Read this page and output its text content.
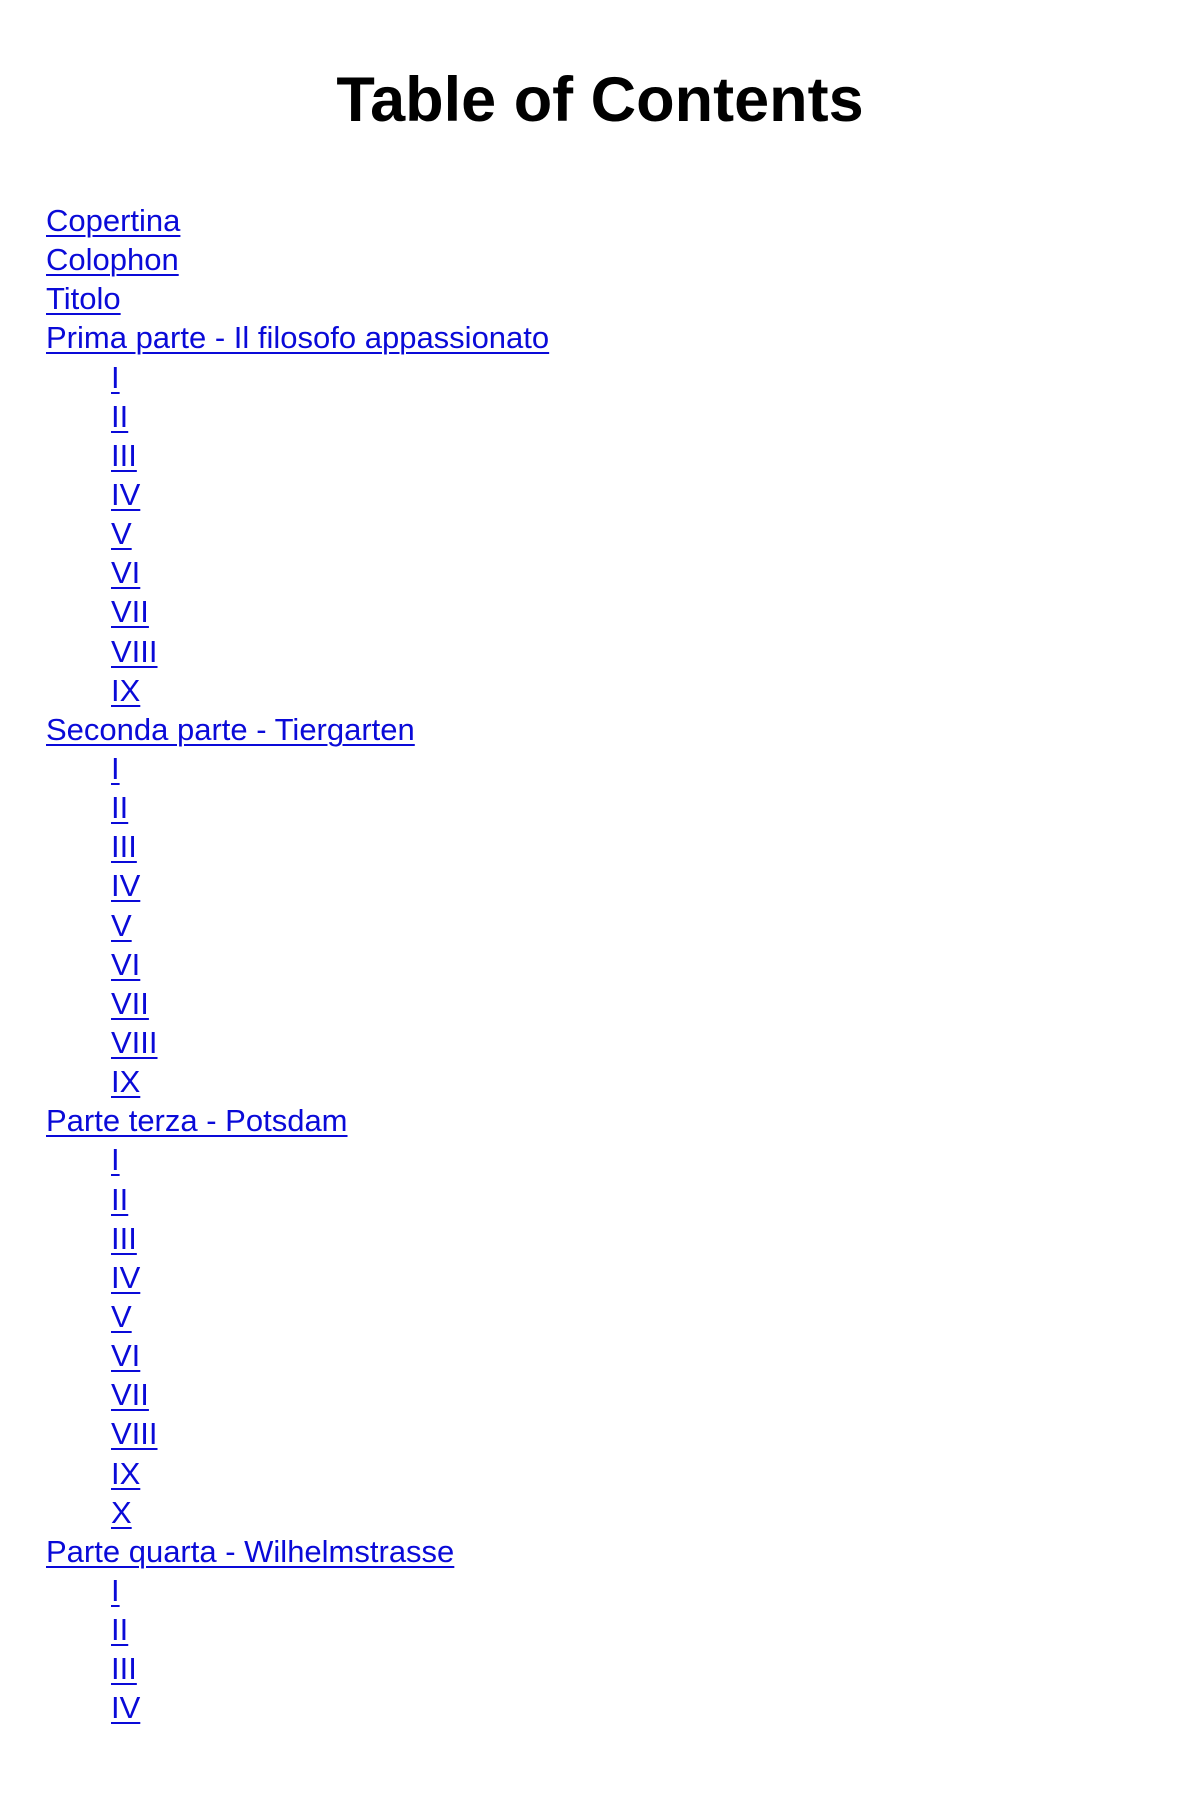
Table of Contents
Copertina
Colophon
Titolo
Prima parte - Il filosofo appassionato
I
II
III
IV
V
VI
VII
VIII
IX
Seconda parte - Tiergarten
I
II
III
IV
V
VI
VII
VIII
IX
Parte terza - Potsdam
I
II
III
IV
V
VI
VII
VIII
IX
X
Parte quarta - Wilhelmstrasse
I
II
III
IV
